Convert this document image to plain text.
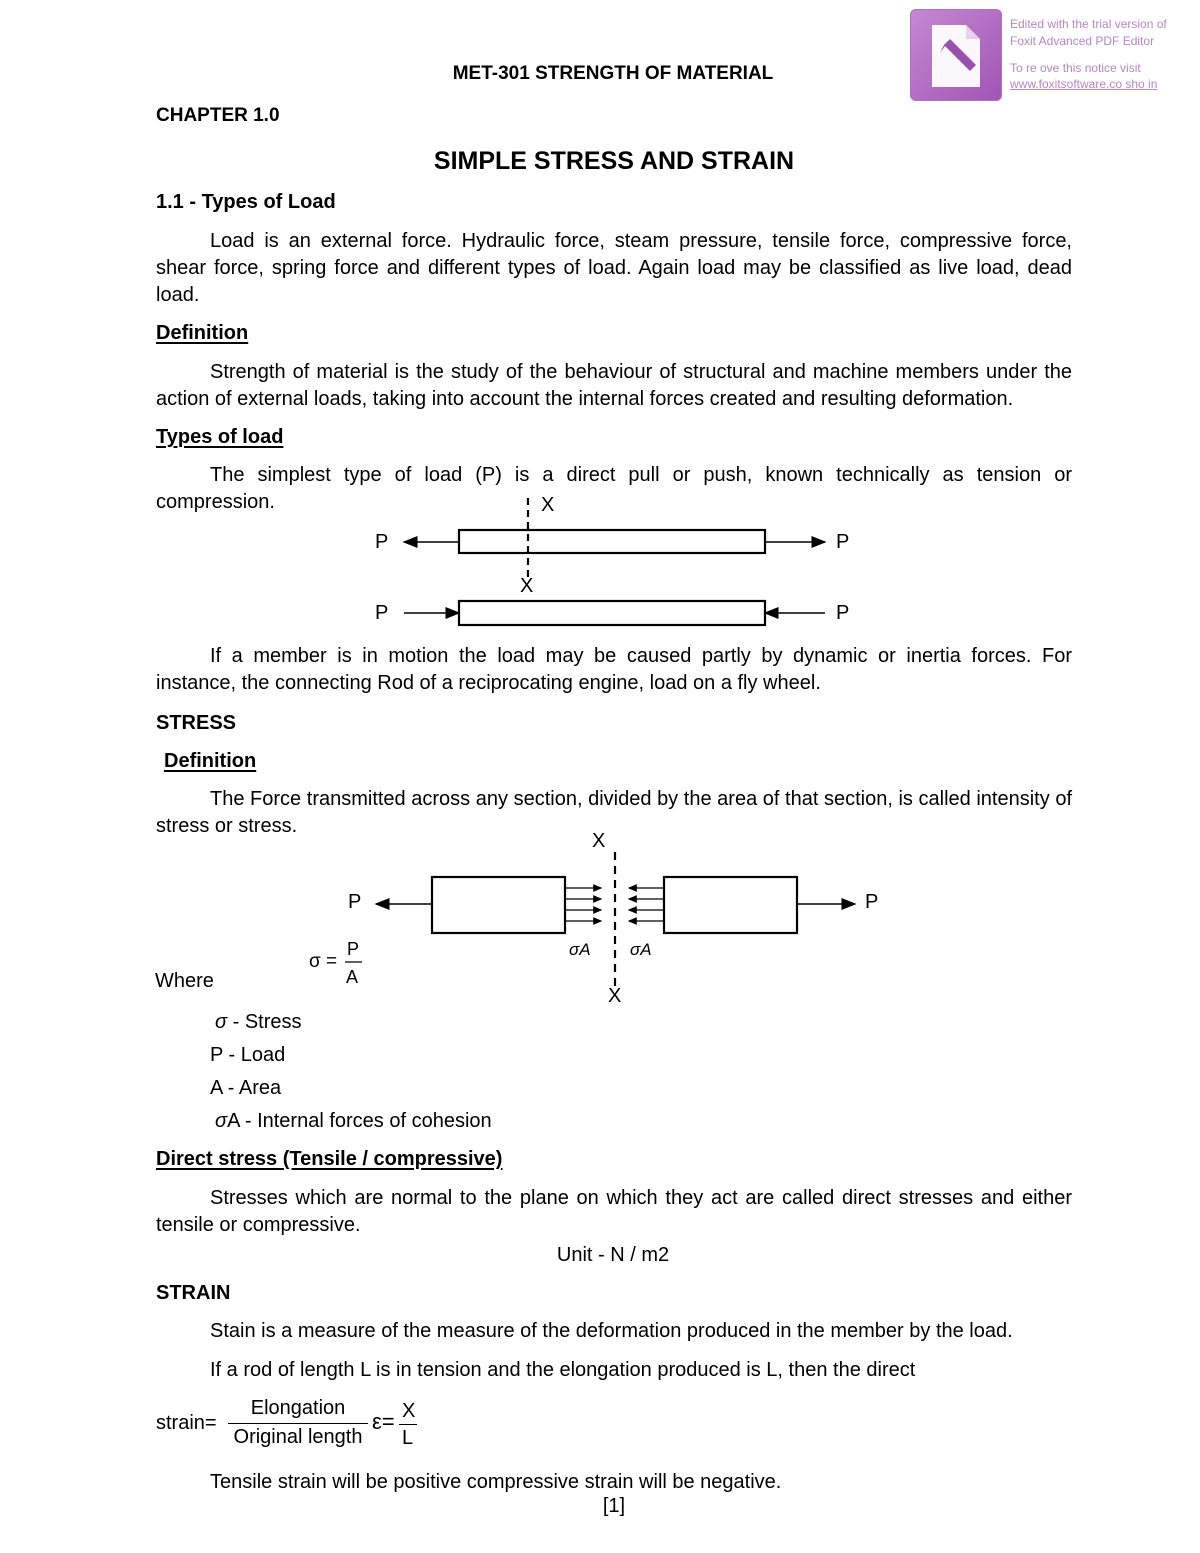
Edited with the trial version of
Foxit Advanced PDF Editor
To re ove this notice visit
www.foxitsoftware.co sho in
MET-301 STRENGTH OF MATERIAL
CHAPTER 1.0
SIMPLE STRESS AND STRAIN
1.1 - Types of Load
Load is an external force. Hydraulic force, steam pressure, tensile force, compressive force, shear force, spring force and different types of load. Again load may be classified as live load, dead load.
Definition
Strength of material is the study of the behaviour of structural and machine members under the action of external loads, taking into account the internal forces created and resulting deformation.
Types of load
The simplest type of load (P) is a direct pull or push, known technically as tension or compression.
P	P
P	P
X
X
If a member is in motion the load may be caused partly by dynamic or inertia forces. For instance, the connecting Rod of a reciprocating engine, load on a fly wheel.
STRESS
Definition
The Force transmitted across any section, divided by the area of that section, is called intensity of stress or stress.
X
X
P	P
σA σA
σ =
P
A
Where
σ - Stress
P - Load
A - Area
σA - Internal forces of cohesion
Direct stress (Tensile / compressive)
Stresses which are normal to the plane on which they act are called direct stresses and either tensile or compressive.
Unit - N / m2
STRAIN
Stain is a measure of the measure of the deformation produced in the member by the load.
If a rod of length L is in tension and the elongation produced is L, then the direct
strain=
Elongation
Original length
ε= X
L
Tensile strain will be positive compressive strain will be negative.
[1]
